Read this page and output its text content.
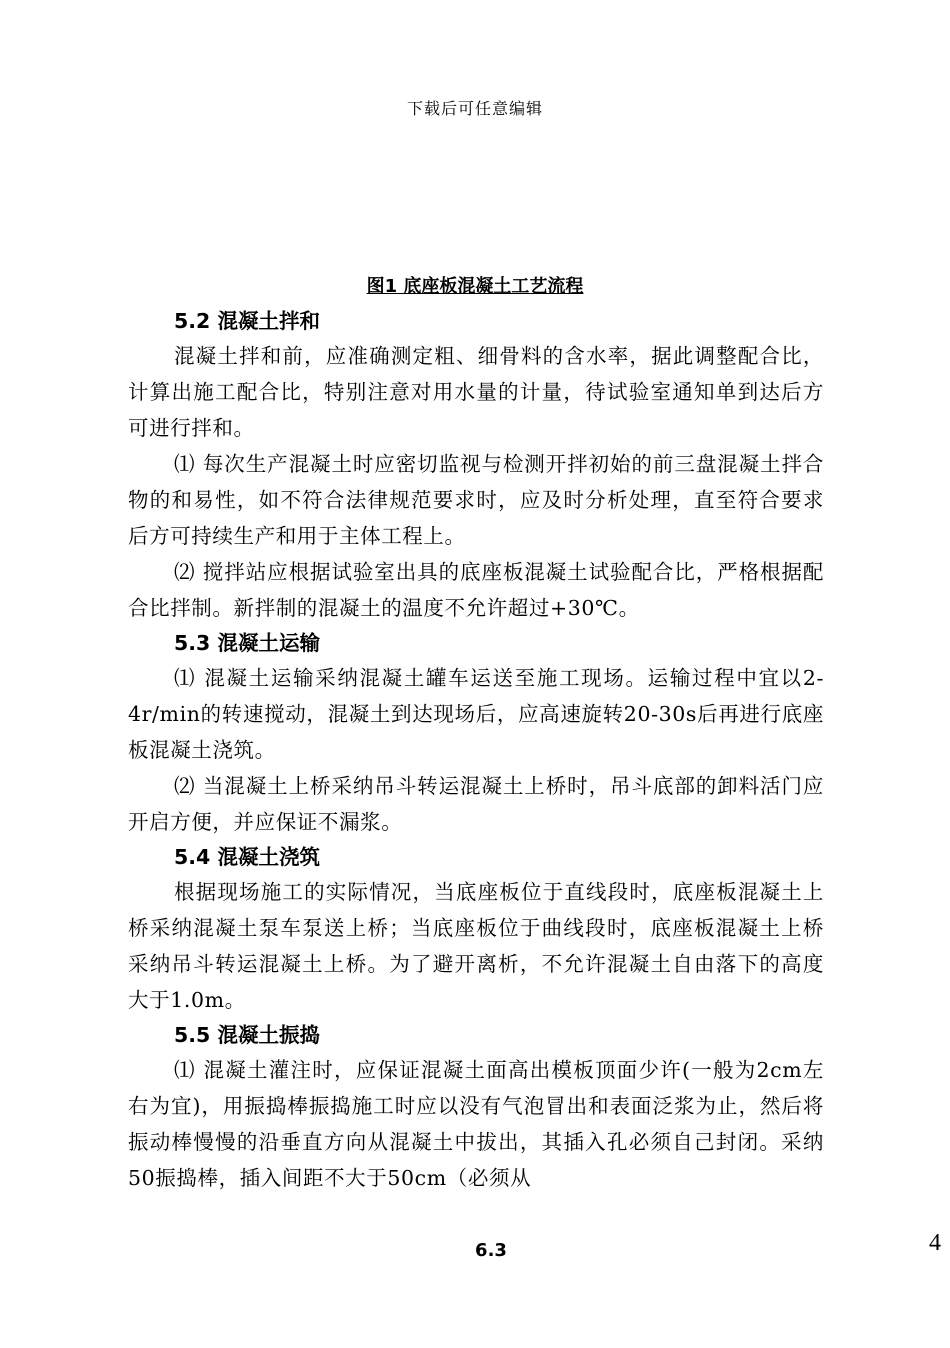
下载后可任意编辑
图1 底座板混凝土工艺流程

5.2 混凝土拌和

混凝土拌和前，应准确测定粗、细骨料的含水率，据此调整配合比，计算出施工配合比，特别注意对用水量的计量，待试验室通知单到达后方可进行拌和。

⑴ 每次生产混凝土时应密切监视与检测开拌初始的前三盘混凝土拌合物的和易性，如不符合法律规范要求时，应及时分析处理，直至符合要求后方可持续生产和用于主体工程上。

⑵ 搅拌站应根据试验室出具的底座板混凝土试验配合比，严格根据配合比拌制。新拌制的混凝土的温度不允许超过+30℃。

5.3 混凝土运输

⑴ 混凝土运输采纳混凝土罐车运送至施工现场。运输过程中宜以2-4r/min的转速搅动，混凝土到达现场后，应高速旋转20-30s后再进行底座板混凝土浇筑。

⑵ 当混凝土上桥采纳吊斗转运混凝土上桥时，吊斗底部的卸料活门应开启方便，并应保证不漏浆。

5.4 混凝土浇筑

根据现场施工的实际情况，当底座板位于直线段时，底座板混凝土上桥采纳混凝土泵车泵送上桥；当底座板位于曲线段时，底座板混凝土上桥采纳吊斗转运混凝土上桥。为了避开离析，不允许混凝土自由落下的高度大于1.0m。

5.5 混凝土振捣

⑴ 混凝土灌注时，应保证混凝土面高出模板顶面少许(一般为2cm左右为宜)，用振捣棒振捣施工时应以没有气泡冒出和表面泛浆为止，然后将振动棒慢慢的沿垂直方向从混凝土中拔出，其插入孔必须自己封闭。采纳50振捣棒，插入间距不大于50cm（必须从

6.3	4
